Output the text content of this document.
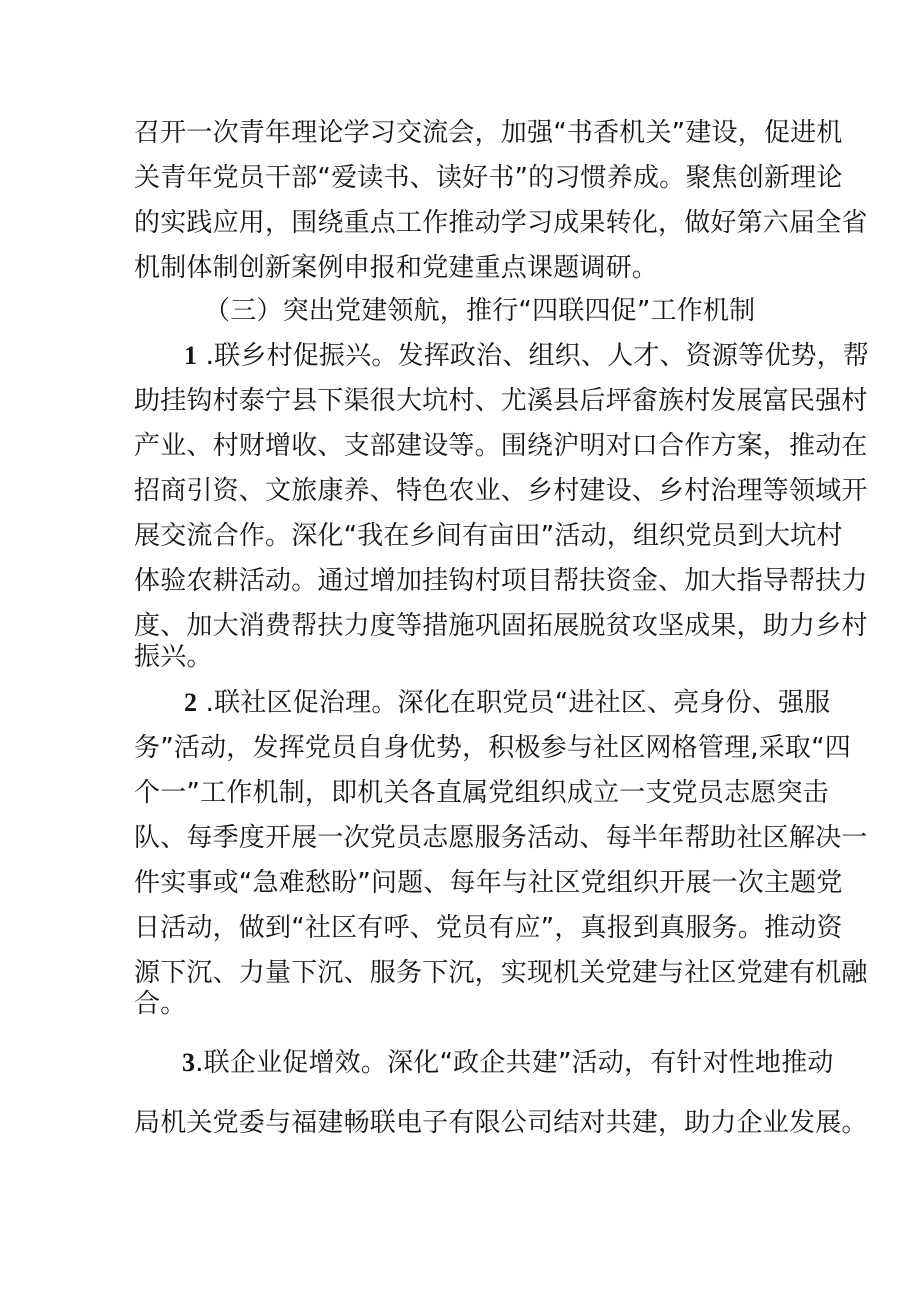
召开一次青年理论学习交流会，加强“书香机关”建设，促进机
关青年党员干部“爱读书、读好书”的习惯养成。聚焦创新理论
的实践应用，围绕重点工作推动学习成果转化，做好第六届全省
机制体制创新案例申报和党建重点课题调研。
（三）突出党建领航，推行“四联四促”工作机制
1 .联乡村促振兴。发挥政治、组织、人才、资源等优势，帮
助挂钩村泰宁县下渠很大坑村、尤溪县后坪畲族村发展富民强村
产业、村财增收、支部建设等。围绕沪明对口合作方案，推动在
招商引资、文旅康养、特色农业、乡村建设、乡村治理等领域开
展交流合作。深化“我在乡间有亩田”活动，组织党员到大坑村
体验农耕活动。通过增加挂钩村项目帮扶资金、加大指导帮扶力
度、加大消费帮扶力度等措施巩固拓展脱贫攻坚成果，助力乡村
振兴。
2 .联社区促治理。深化在职党员“进社区、亮身份、强服
务”活动，发挥党员自身优势，积极参与社区网格管理,采取“四
个一”工作机制，即机关各直属党组织成立一支党员志愿突击
队、每季度开展一次党员志愿服务活动、每半年帮助社区解决一
件实事或“急难愁盼”问题、每年与社区党组织开展一次主题党
日活动，做到“社区有呼、党员有应”，真报到真服务。推动资
源下沉、力量下沉、服务下沉，实现机关党建与社区党建有机融
合。
3.联企业促增效。深化“政企共建”活动，有针对性地推动
局机关党委与福建畅联电子有限公司结对共建，助力企业发展。
